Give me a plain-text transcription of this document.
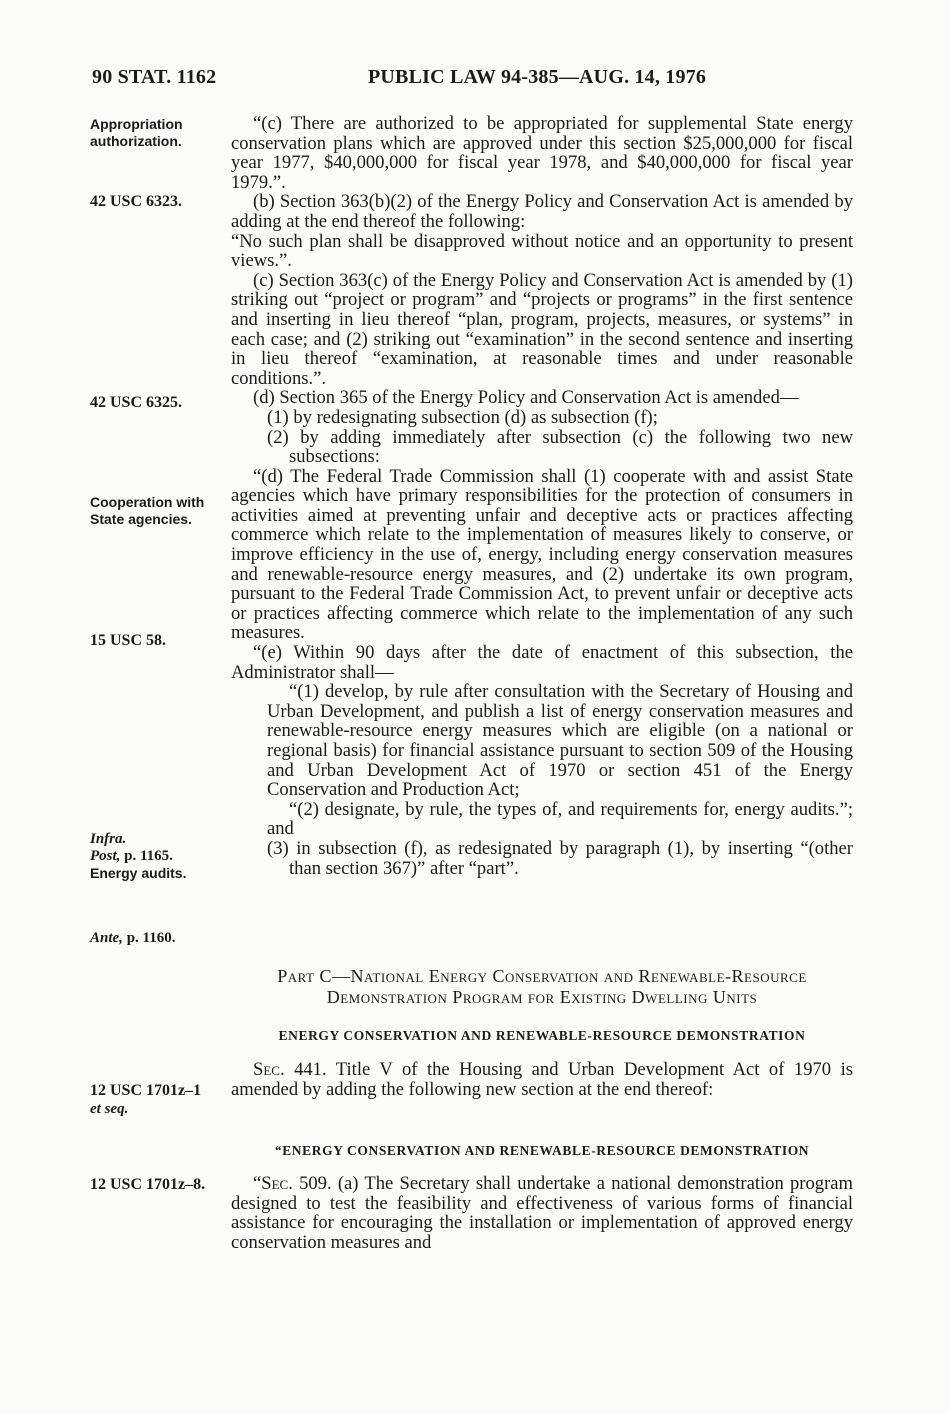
90 STAT. 1162	PUBLIC LAW 94-385—AUG. 14, 1976
Appropriation
authorization.
42 USC 6323.
42 USC 6325.
Cooperation with
State agencies.
15 USC 58.
Infra.
Post, p. 1165.
Energy audits.
Ante, p. 1160.
12 USC 1701z–1
et seq.
12 USC 1701z–8.

“(c) There are authorized to be appropriated for supplemental State energy conservation plans which are approved under this section $25,000,000 for fiscal year 1977, $40,000,000 for fiscal year 1978, and $40,000,000 for fiscal year 1979.”.

(b) Section 363(b)(2) of the Energy Policy and Conservation Act is amended by adding at the end thereof the following:

“No such plan shall be disapproved without notice and an opportunity to present views.”.

(c) Section 363(c) of the Energy Policy and Conservation Act is amended by (1) striking out “project or program” and “projects or programs” in the first sentence and inserting in lieu thereof “plan, program, projects, measures, or systems” in each case; and (2) striking out “examination” in the second sentence and inserting in lieu thereof “examination, at reasonable times and under reasonable conditions.”.

(d) Section 365 of the Energy Policy and Conservation Act is amended—

(1) by redesignating subsection (d) as subsection (f);

(2) by adding immediately after subsection (c) the following two new subsections:

“(d) The Federal Trade Commission shall (1) cooperate with and assist State agencies which have primary responsibilities for the protection of consumers in activities aimed at preventing unfair and deceptive acts or practices affecting commerce which relate to the implementation of measures likely to conserve, or improve efficiency in the use of, energy, including energy conservation measures and renewable-resource energy measures, and (2) undertake its own program, pursuant to the Federal Trade Commission Act, to prevent unfair or deceptive acts or practices affecting commerce which relate to the implementation of any such measures.

“(e) Within 90 days after the date of enactment of this subsection, the Administrator shall—

“(1) develop, by rule after consultation with the Secretary of Housing and Urban Development, and publish a list of energy conservation measures and renewable-resource energy measures which are eligible (on a national or regional basis) for financial assistance pursuant to section 509 of the Housing and Urban Development Act of 1970 or section 451 of the Energy Conservation and Production Act;

“(2) designate, by rule, the types of, and requirements for, energy audits.”; and

(3) in subsection (f), as redesignated by paragraph (1), by inserting “(other than section 367)” after “part”.

Part C—National Energy Conservation and Renewable-Resource
Demonstration Program for Existing Dwelling Units
ENERGY CONSERVATION AND RENEWABLE-RESOURCE DEMONSTRATION

Sec. 441. Title V of the Housing and Urban Development Act of 1970 is amended by adding the following new section at the end thereof:

“ENERGY CONSERVATION AND RENEWABLE-RESOURCE DEMONSTRATION

“Sec. 509. (a) The Secretary shall undertake a national demonstration program designed to test the feasibility and effectiveness of various forms of financial assistance for encouraging the installation or implementation of approved energy conservation measures and
